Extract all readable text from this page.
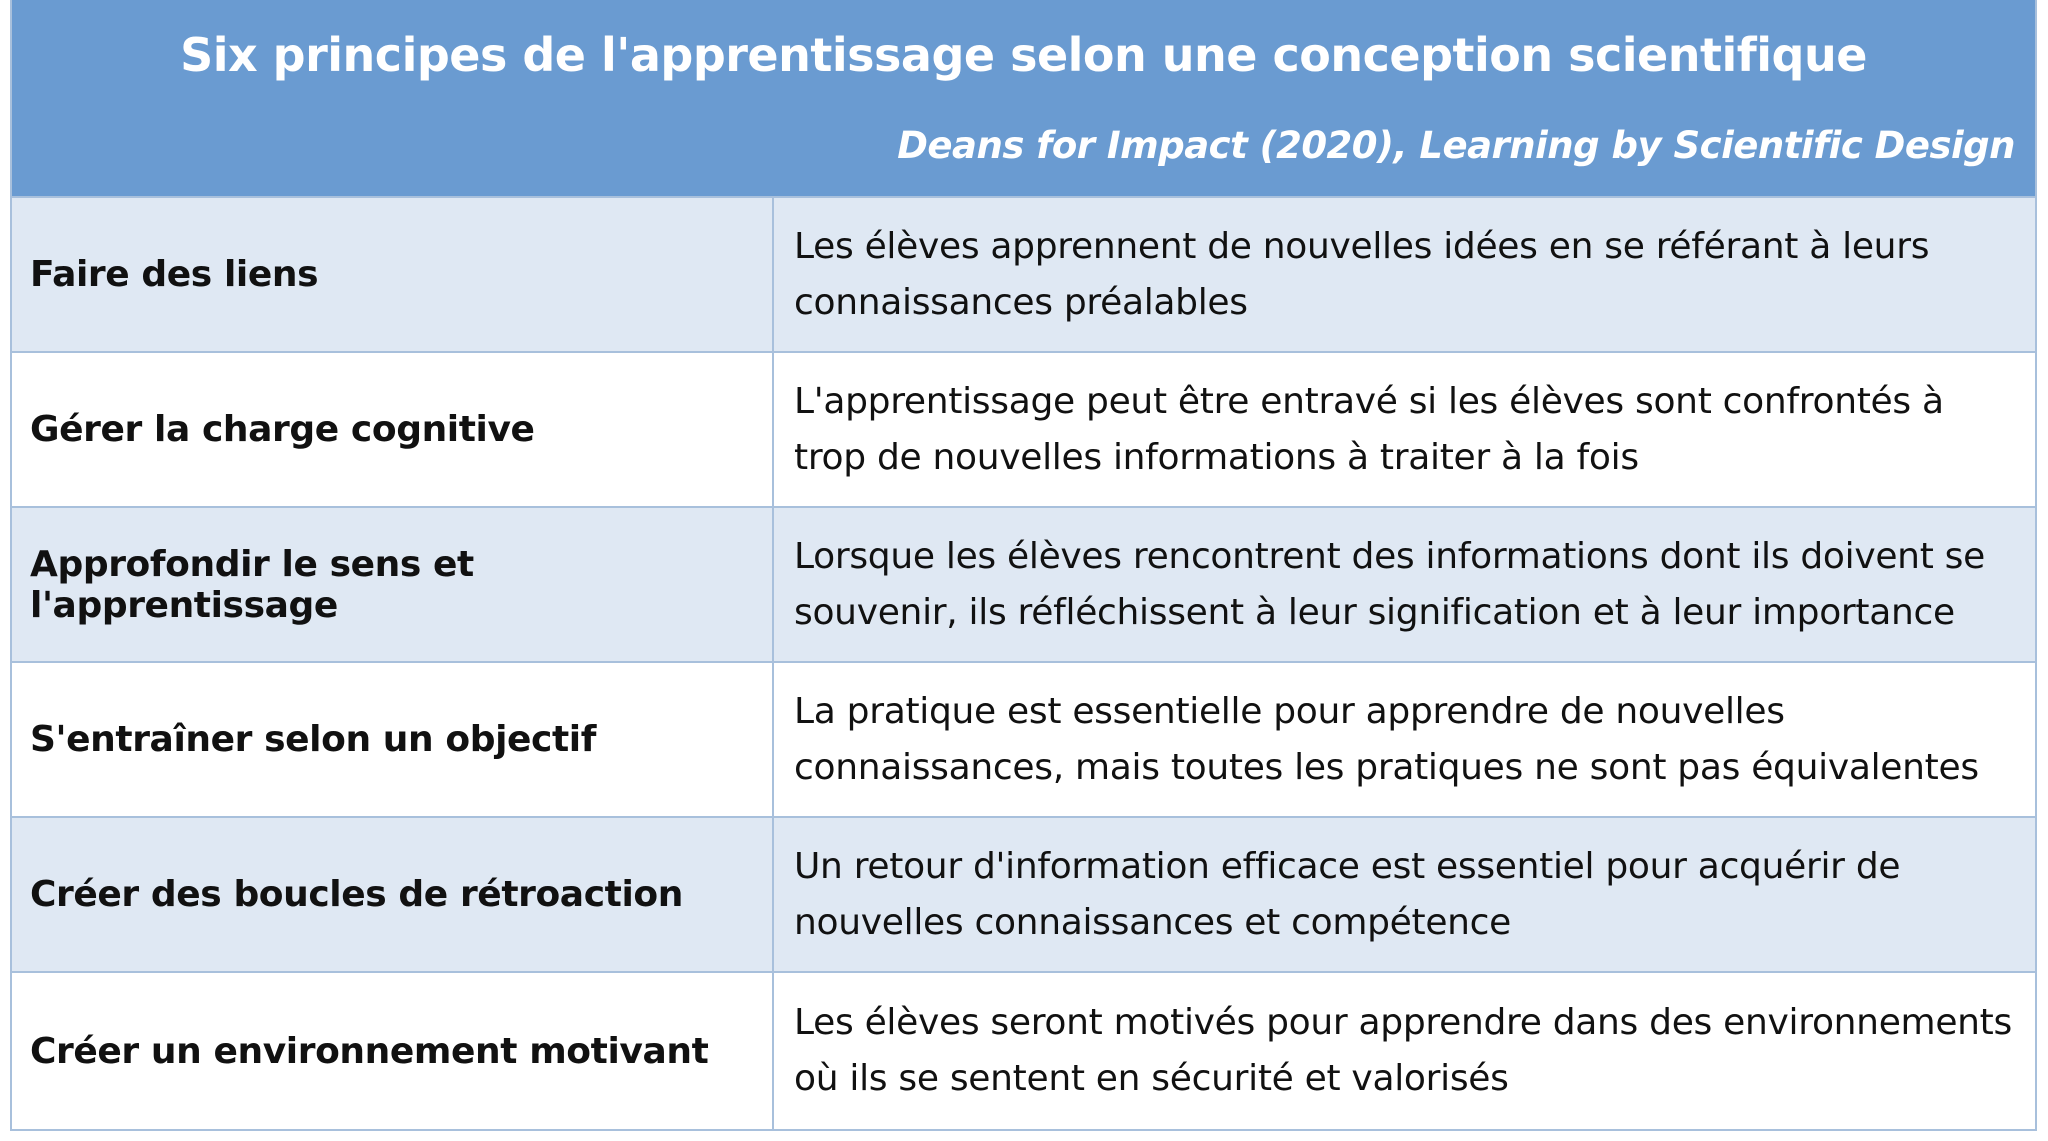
Six principes de l'apprentissage selon une conception scientifique
Deans for Impact (2020), Learning by Scientific Design
Faire des liens
Les élèves apprennent de nouvelles idées en se référant à leurs connaissances préalables
Gérer la charge cognitive
L'apprentissage peut être entravé si les élèves sont confrontés à trop de nouvelles informations à traiter à la fois
Approfondir le sens et l'apprentissage
Lorsque les élèves rencontrent des informations dont ils doivent se souvenir, ils réfléchissent à leur signification et à leur importance
S'entraîner selon un objectif
La pratique est essentielle pour apprendre de nouvelles connaissances, mais toutes les pratiques ne sont pas équivalentes
Créer des boucles de rétroaction
Un retour d'information efficace est essentiel pour acquérir de nouvelles connaissances et compétence
Créer un environnement motivant
Les élèves seront motivés pour apprendre dans des environnements où ils se sentent en sécurité et valorisés
